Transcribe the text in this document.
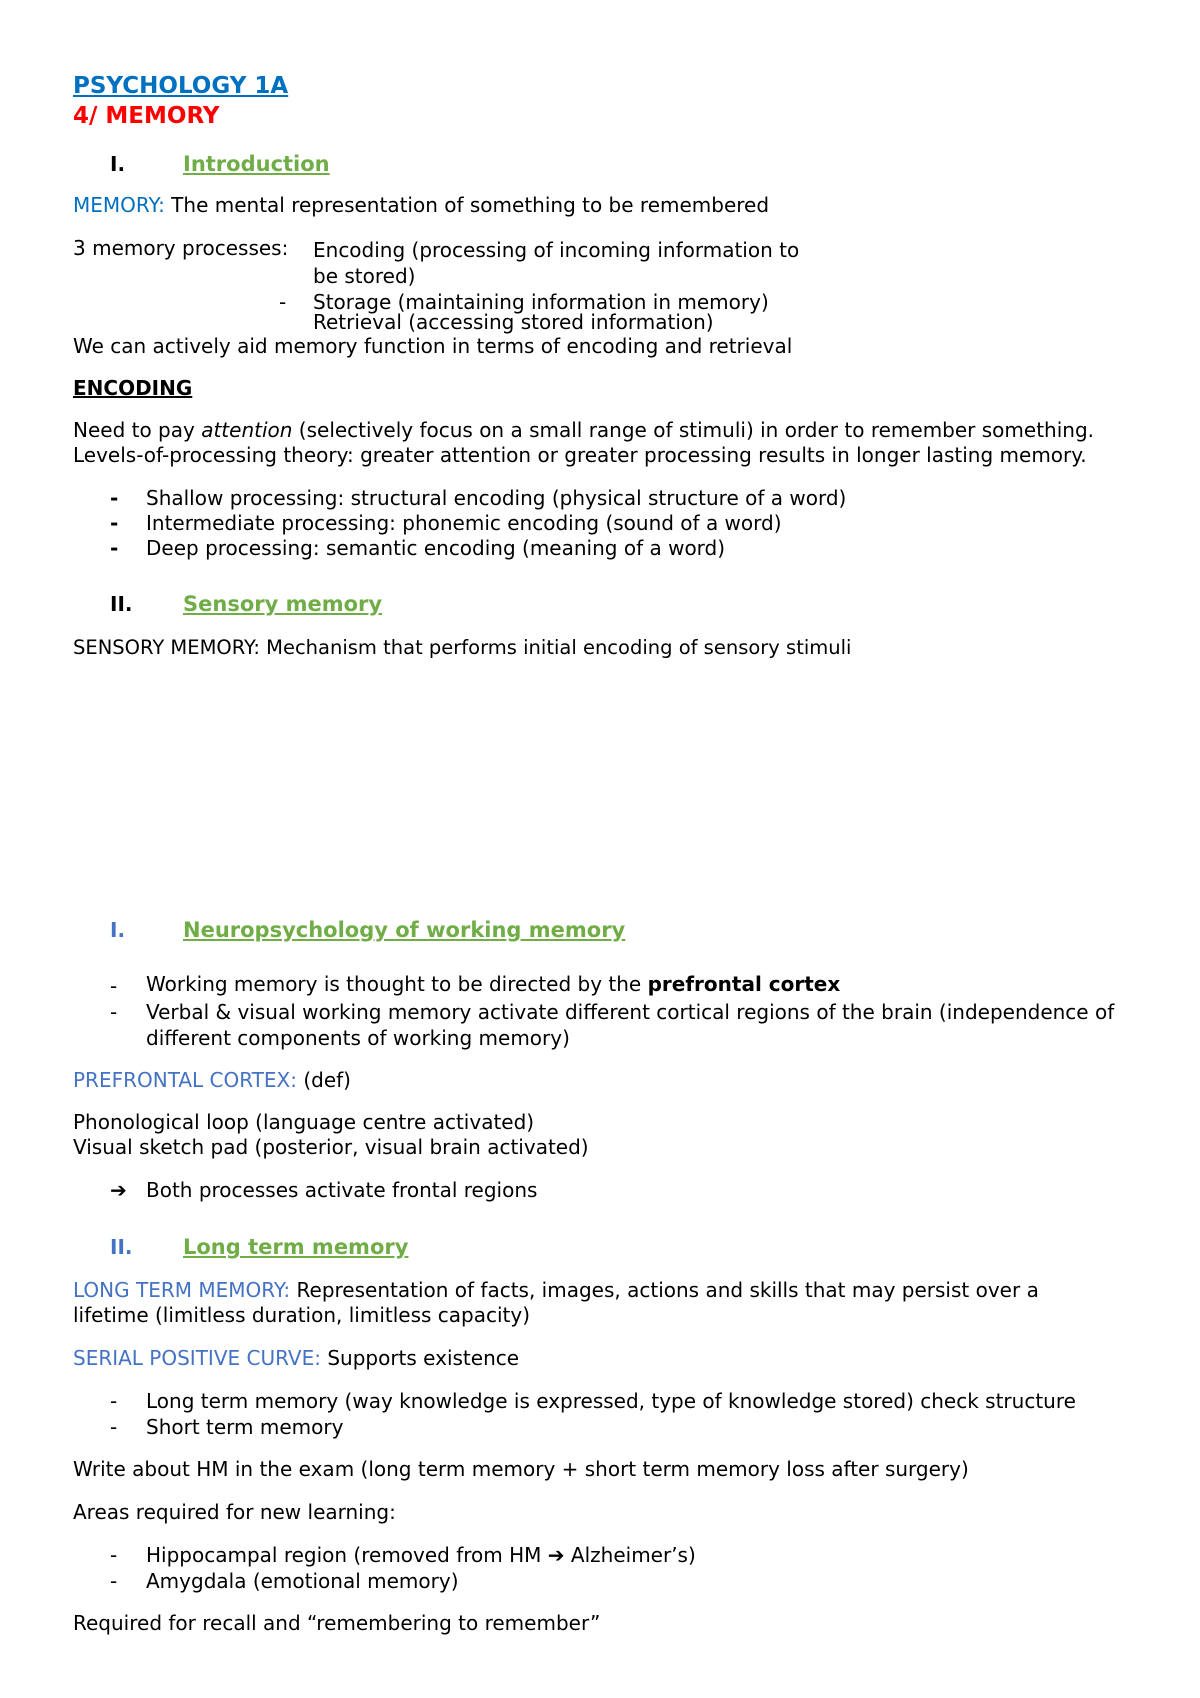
PSYCHOLOGY 1A
4/ MEMORY
I.	Introduction
MEMORY: The mental representation of something to be remembered
3 memory processes: Encoding (processing of incoming information to
be stored)
- Storage (maintaining information in memory)
Retrieval (accessing stored information)
We can actively aid memory function in terms of encoding and retrieval
ENCODING
Need to pay attention (selectively focus on a small range of stimuli) in order to remember something.
Levels-of-processing theory: greater attention or greater processing results in longer lasting memory.
- Shallow processing: structural encoding (physical structure of a word)
- Intermediate processing: phonemic encoding (sound of a word)
- Deep processing: semantic encoding (meaning of a word)
II. Sensory memory
SENSORY MEMORY: Mechanism that performs initial encoding of sensory stimuli
I.	Neuropsychology of working memory
- Working memory is thought to be directed by the prefrontal cortex
- Verbal & visual working memory activate different cortical regions of the brain (independence of
different components of working memory)
PREFRONTAL CORTEX: (def)
Phonological loop (language centre activated)
Visual sketch pad (posterior, visual brain activated)
➔ Both processes activate frontal regions
II. Long term memory
LONG TERM MEMORY: Representation of facts, images, actions and skills that may persist over a
lifetime (limitless duration, limitless capacity)
SERIAL POSITIVE CURVE: Supports existence
- Long term memory (way knowledge is expressed, type of knowledge stored) check structure
- Short term memory
Write about HM in the exam (long term memory + short term memory loss after surgery)
Areas required for new learning:
- Hippocampal region (removed from HM ➔ Alzheimer’s)
- Amygdala (emotional memory)
Required for recall and “remembering to remember”
